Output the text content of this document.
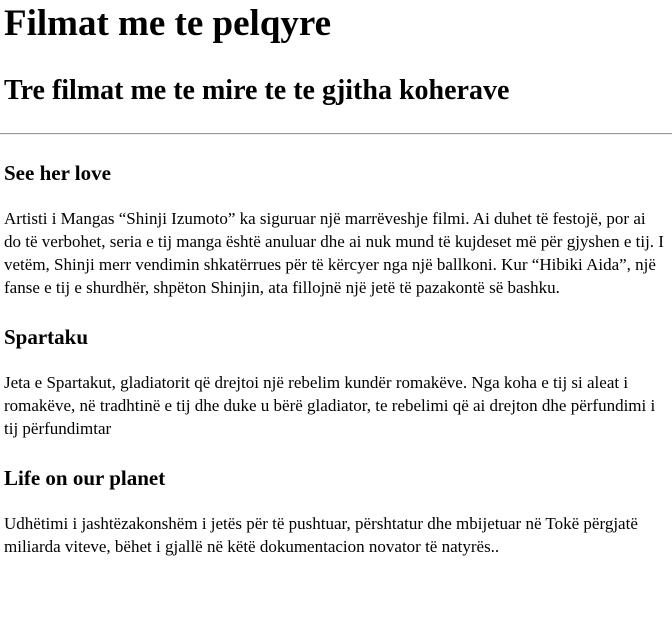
Filmat me te pelqyre
Tre filmat me te mire te te gjitha koherave
See her love

Artisti i Mangas “Shinji Izumoto” ka siguruar një marrëveshje filmi. Ai duhet të festojë, por ai do të verbohet, seria e tij manga është anuluar dhe ai nuk mund të kujdeset më për gjyshen e tij. I vetëm, Shinji merr vendimin shkatërrues për të kërcyer nga një ballkoni. Kur “Hibiki Aida”, një fanse e tij e shurdhër, shpëton Shinjin, ata fillojnë një jetë të pazakontë së bashku.

Spartaku

Jeta e Spartakut, gladiatorit që drejtoi një rebelim kundër romakëve. Nga koha e tij si aleat i romakëve, në tradhtinë e tij dhe duke u bërë gladiator, te rebelimi që ai drejton dhe përfundimi i tij përfundimtar

Life on our planet

Udhëtimi i jashtëzakonshëm i jetës për të pushtuar, përshtatur dhe mbijetuar në Tokë përgjatë miliarda viteve, bëhet i gjallë në këtë dokumentacion novator të natyrës..
